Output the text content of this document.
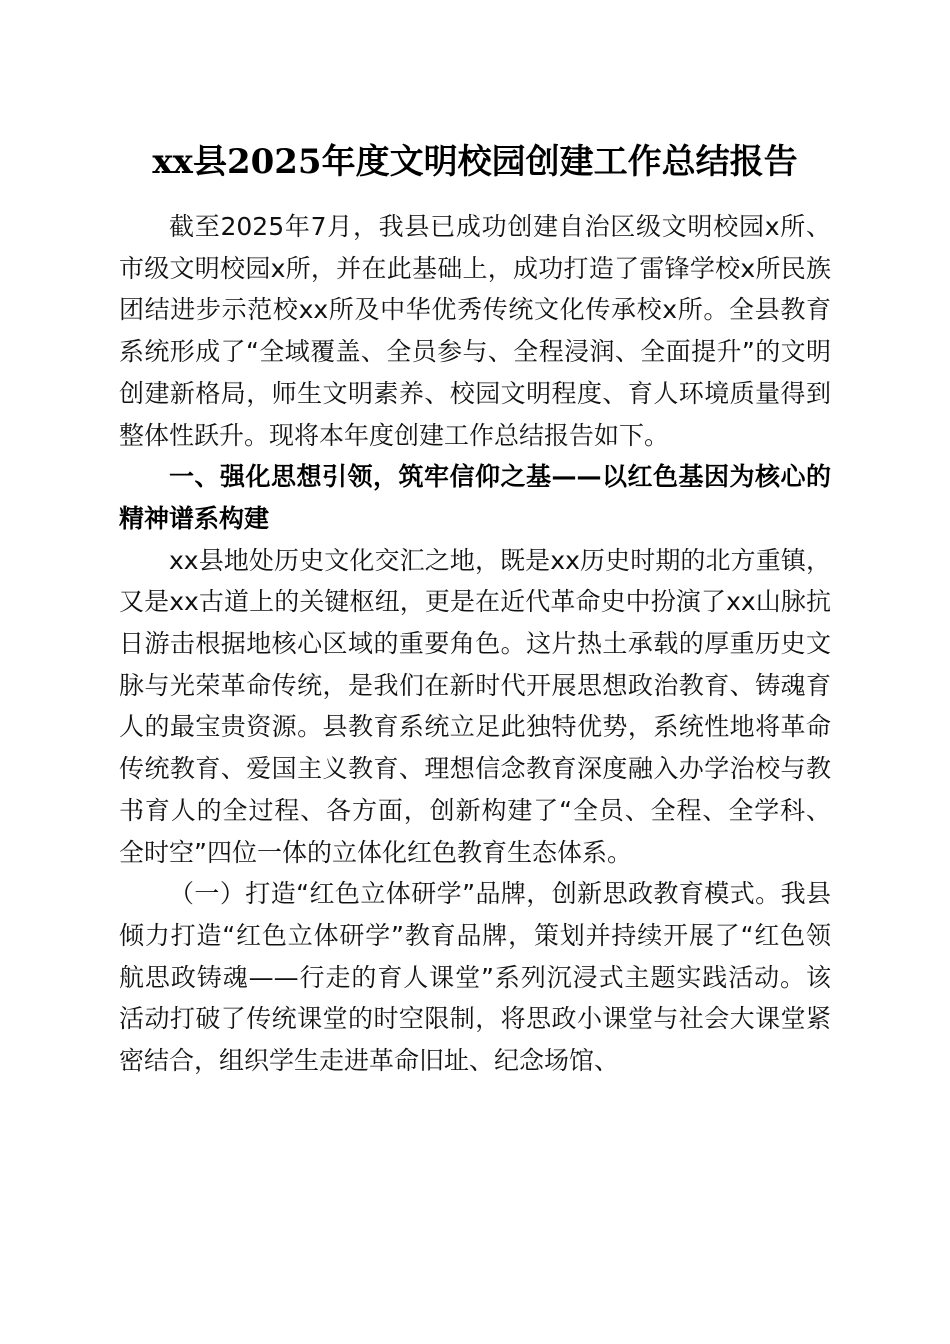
xx县2025年度文明校园创建工作总结报告

截至2025年7月，我县已成功创建自治区级文明校园x所、市级文明校园x所，并在此基础上，成功打造了雷锋学校x所民族团结进步示范校xx所及中华优秀传统文化传承校x所。全县教育系统形成了“全域覆盖、全员参与、全程浸润、全面提升”的文明创建新格局，师生文明素养、校园文明程度、育人环境质量得到整体性跃升。现将本年度创建工作总结报告如下。

一、强化思想引领，筑牢信仰之基——以红色基因为核心的精神谱系构建

xx县地处历史文化交汇之地，既是xx历史时期的北方重镇，又是xx古道上的关键枢纽，更是在近代革命史中扮演了xx山脉抗日游击根据地核心区域的重要角色。这片热土承载的厚重历史文脉与光荣革命传统，是我们在新时代开展思想政治教育、铸魂育人的最宝贵资源。县教育系统立足此独特优势，系统性地将革命传统教育、爱国主义教育、理想信念教育深度融入办学治校与教书育人的全过程、各方面，创新构建了“全员、全程、全学科、全时空”四位一体的立体化红色教育生态体系。

（一）打造“红色立体研学”品牌，创新思政教育模式。我县倾力打造“红色立体研学”教育品牌，策划并持续开展了“红色领航思政铸魂——行走的育人课堂”系列沉浸式主题实践活动。该活动打破了传统课堂的时空限制，将思政小课堂与社会大课堂紧密结合，组织学生走进革命旧址、纪念场馆、
